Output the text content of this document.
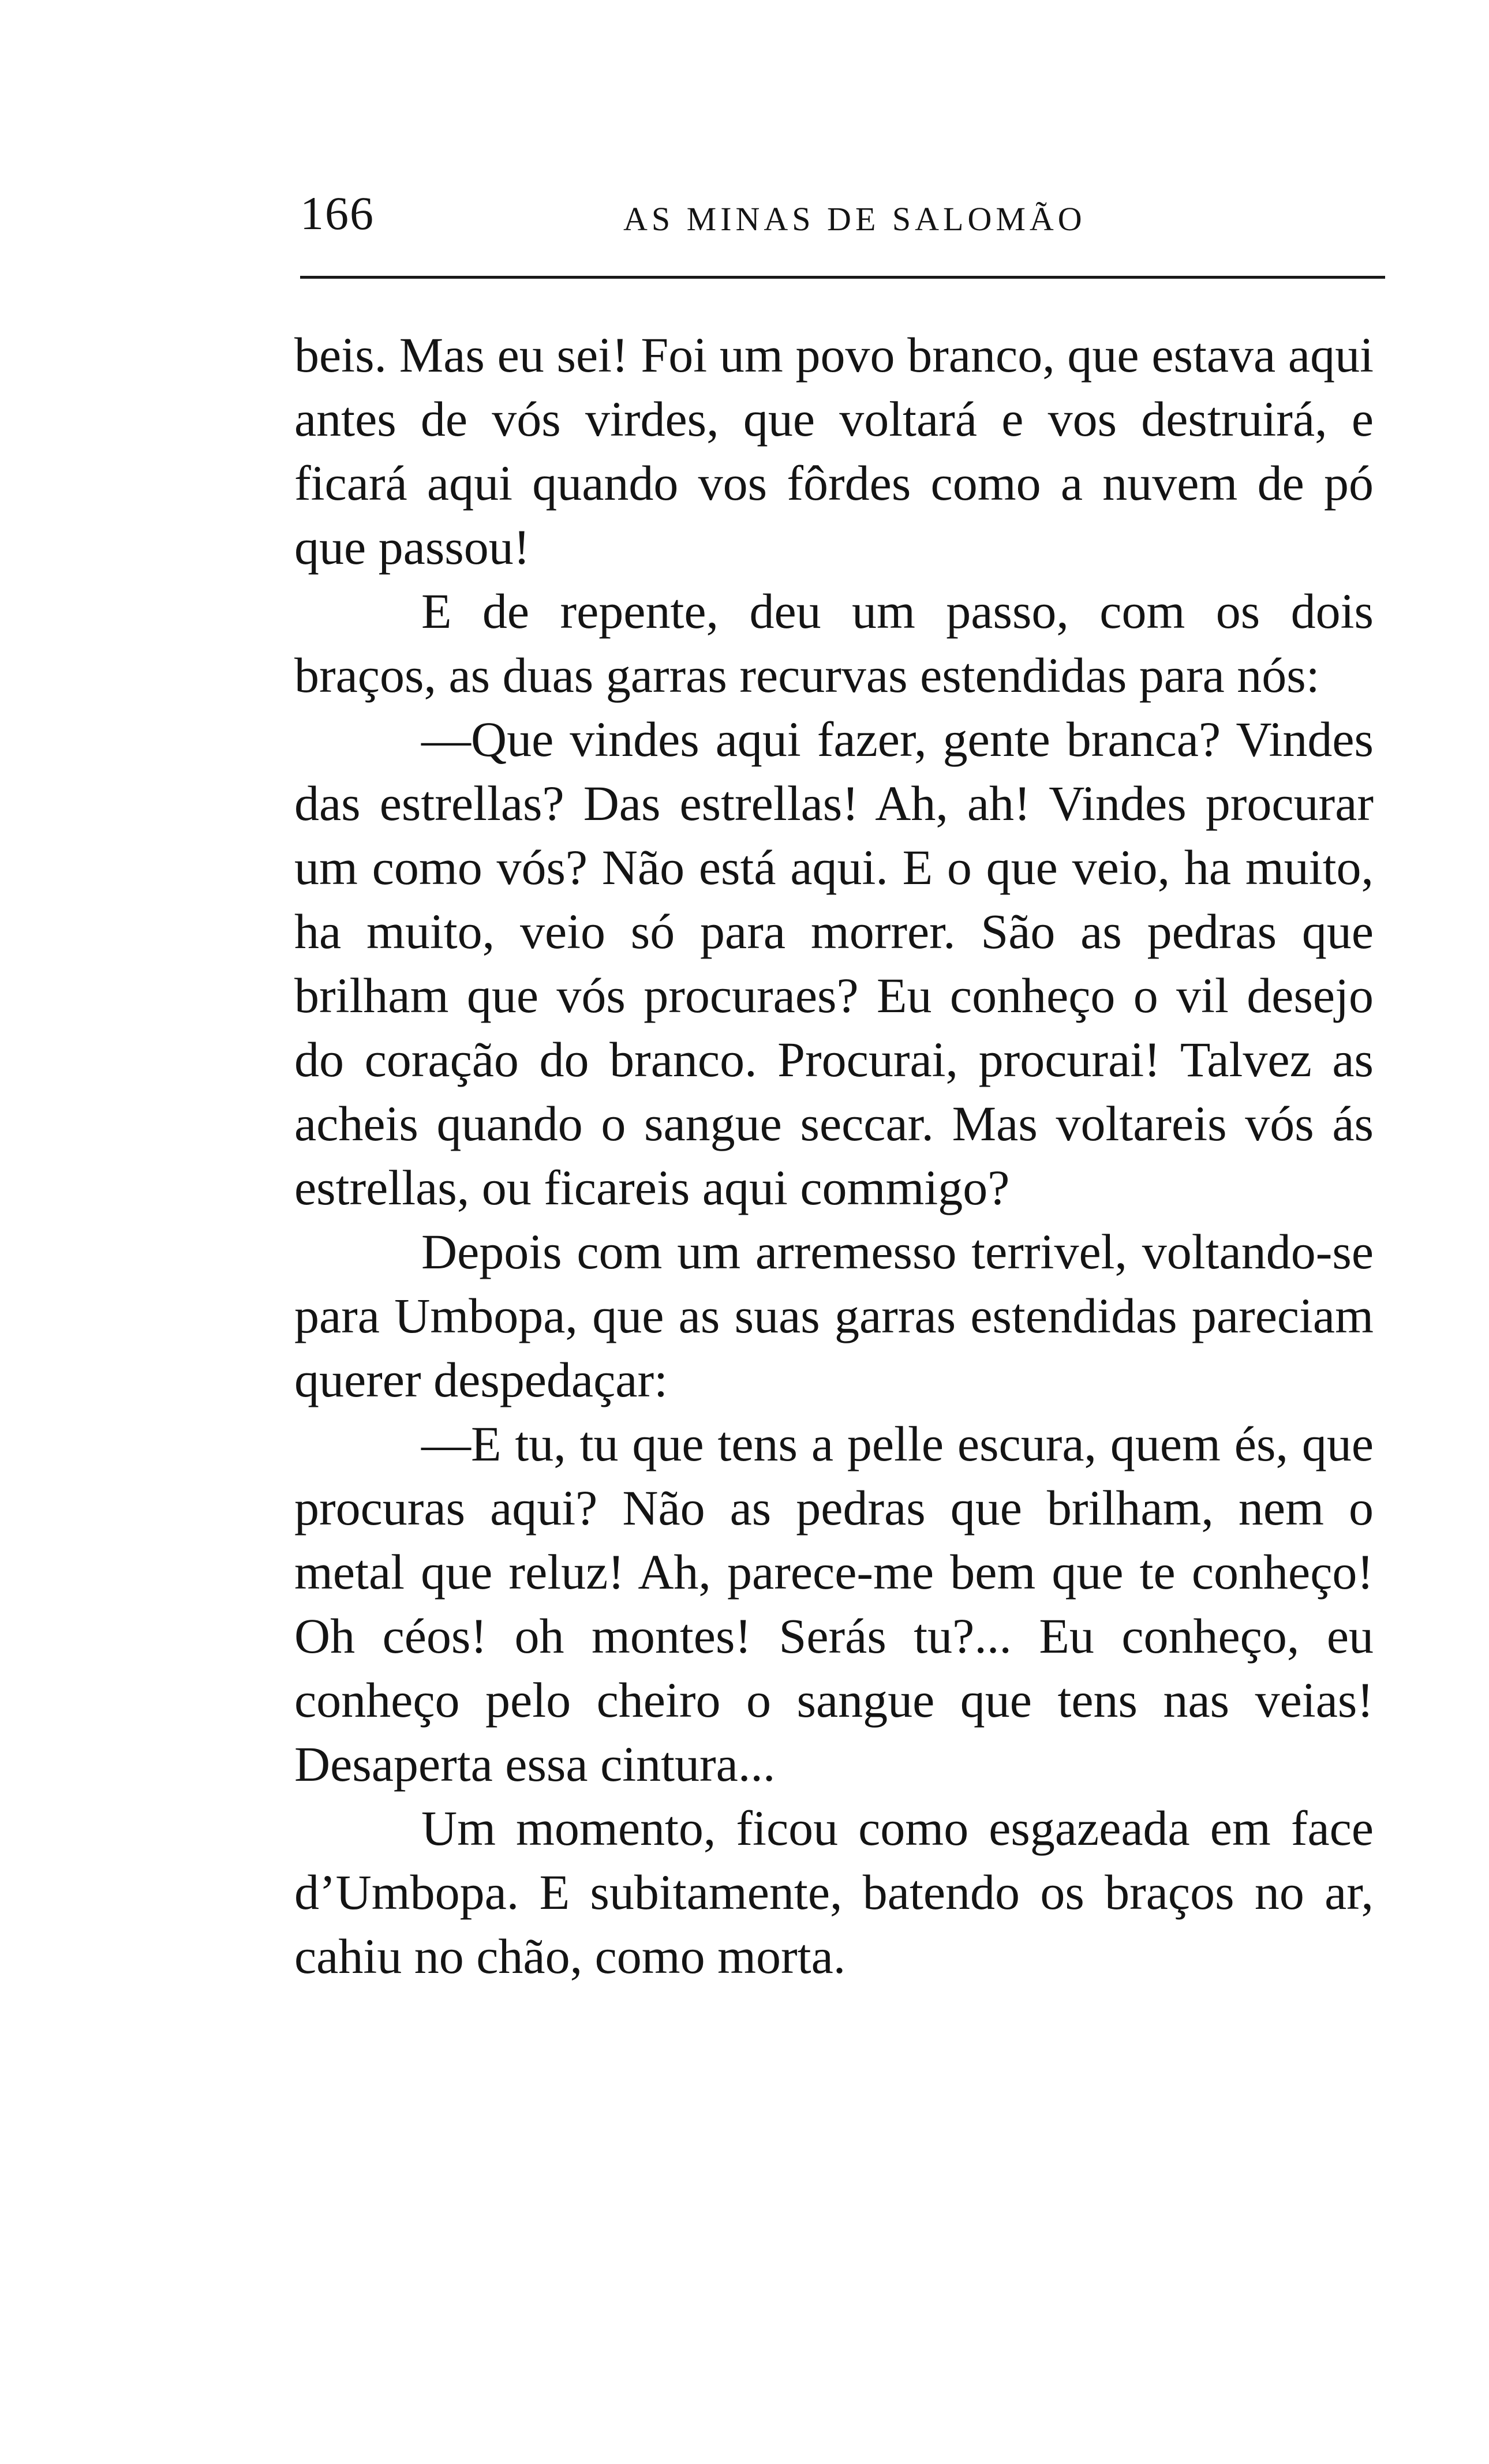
166	AS MINAS DE SALOMÃO

beis. Mas eu sei! Foi um povo branco, que estava aqui antes de vós virdes, que voltará e vos destruirá, e ficará aqui quando vos fôrdes como a nuvem de pó que passou!

E de repente, deu um passo, com os dois braços, as duas garras recurvas estendidas para nós:

—Que vindes aqui fazer, gente branca? Vindes das estrellas? Das estrellas! Ah, ah! Vindes procurar um como vós? Não está aqui. E o que veio, ha muito, ha muito, veio só para morrer. São as pedras que brilham que vós procuraes? Eu conheço o vil desejo do coração do branco. Procurai, procurai! Talvez as acheis quando o sangue seccar. Mas voltareis vós ás estrellas, ou ficareis aqui commigo?

Depois com um arremesso terrivel, voltando-se para Umbopa, que as suas garras estendidas pareciam querer despedaçar:

—E tu, tu que tens a pelle escura, quem és, que procuras aqui? Não as pedras que brilham, nem o metal que reluz! Ah, parece-me bem que te conheço! Oh céos! oh montes! Serás tu?... Eu conheço, eu conheço pelo cheiro o sangue que tens nas veias! Desaperta essa cintura...

Um momento, ficou como esgazeada em face d’Umbopa. E subitamente, batendo os braços no ar, cahiu no chão, como morta.
